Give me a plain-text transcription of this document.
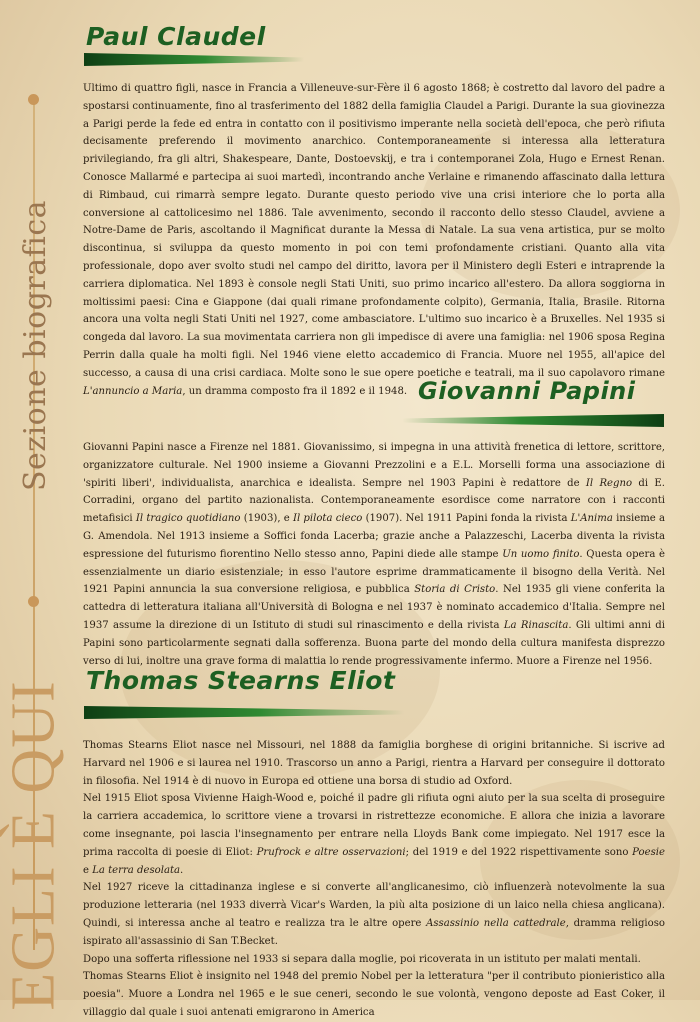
Sezione biografica
EGLI È QUI
Paul Claudel
Ultimo di quattro figli, nasce in Francia a Villeneuve-sur-Fère il 6 agosto 1868; è costretto dal lavoro del padre a spostarsi continuamente, fino al trasferimento del 1882 della famiglia Claudel a Parigi. Durante la sua giovinezza a Parigi perde la fede ed entra in contatto con il positivismo imperante nella società dell'epoca, che però rifiuta decisamente preferendo il movimento anarchico. Contemporaneamente si interessa alla letteratura privilegiando, fra gli altri, Shakespeare, Dante, Dostoevskij, e tra i contemporanei Zola, Hugo e Ernest Renan. Conosce Mallarmé e partecipa ai suoi martedì, incontrando anche Verlaine e rimanendo affascinato dalla lettura di Rimbaud, cui rimarrà sempre legato. Durante questo periodo vive una crisi interiore che lo porta alla conversione al cattolicesimo nel 1886. Tale avvenimento, secondo il racconto dello stesso Claudel, avviene a Notre-Dame de Paris, ascoltando il Magnificat durante la Messa di Natale. La sua vena artistica, pur se molto discontinua, si sviluppa da questo momento in poi con temi profondamente cristiani. Quanto alla vita professionale, dopo aver svolto studi nel campo del diritto, lavora per il Ministero degli Esteri e intraprende la carriera diplomatica. Nel 1893 è console negli Stati Uniti, suo primo incarico all'estero. Da allora soggiorna in moltissimi paesi: Cina e Giappone (dai quali rimane profondamente colpito), Germania, Italia, Brasile. Ritorna ancora una volta negli Stati Uniti nel 1927, come ambasciatore. L'ultimo suo incarico è a Bruxelles. Nel 1935 si congeda dal lavoro. La sua movimentata carriera non gli impedisce di avere una famiglia: nel 1906 sposa Regina Perrin dalla quale ha molti figli. Nel 1946 viene eletto accademico di Francia. Muore nel 1955, all'apice del successo, a causa di una crisi cardiaca. Molte sono le sue opere poetiche e teatrali, ma il suo capolavoro rimane L'annuncio a Maria, un dramma composto fra il 1892 e il 1948. Giovanni Papini
Giovanni Papini nasce a Firenze nel 1881. Giovanissimo, si impegna in una attività frenetica di lettore, scrittore, organizzatore culturale. Nel 1900 insieme a Giovanni Prezzolini e a E.L. Morselli forma una associazione di 'spiriti liberi', individualista, anarchica e idealista. Sempre nel 1903 Papini è redattore de Il Regno di E. Corradini, organo del partito nazionalista. Contemporaneamente esordisce come narratore con i racconti metafisici Il tragico quotidiano (1903), e Il pilota cieco (1907). Nel 1911 Papini fonda la rivista L'Anima insieme a G. Amendola. Nel 1913 insieme a Soffici fonda Lacerba; grazie anche a Palazzeschi, Lacerba diventa la rivista espressione del futurismo fiorentino Nello stesso anno, Papini diede alle stampe Un uomo finito. Questa opera è essenzialmente un diario esistenziale; in esso l'autore esprime drammaticamente il bisogno della Verità. Nel 1921 Papini annuncia la sua conversione religiosa, e pubblica Storia di Cristo. Nel 1935 gli viene conferita la cattedra di letteratura italiana all'Università di Bologna e nel 1937 è nominato accademico d'Italia. Sempre nel 1937 assume la direzione di un Istituto di studi sul rinascimento e della rivista La Rinascita. Gli ultimi anni di Papini sono particolarmente segnati dalla sofferenza. Buona parte del mondo della cultura manifesta disprezzo verso di lui, inoltre una grave forma di malattia lo rende progressivamente infermo. Muore a Firenze nel 1956.
Thomas Stearns Eliot
Thomas Stearns Eliot nasce nel Missouri, nel 1888 da famiglia borghese di origini britanniche. Si iscrive ad Harvard nel 1906 e si laurea nel 1910. Trascorso un anno a Parigi, rientra a Harvard per conseguire il dottorato in filosofia. Nel 1914 è di nuovo in Europa ed ottiene una borsa di studio ad Oxford.
Nel 1915 Eliot sposa Vivienne Haigh-Wood e, poiché il padre gli rifiuta ogni aiuto per la sua scelta di proseguire la carriera accademica, lo scrittore viene a trovarsi in ristrettezze economiche. E allora che inizia a lavorare come insegnante, poi lascia l'insegnamento per entrare nella Lloyds Bank come impiegato. Nel 1917 esce la prima raccolta di poesie di Eliot: Prufrock e altre osservazioni; del 1919 e del 1922 rispettivamente sono Poesie e La terra desolata.
Nel 1927 riceve la cittadinanza inglese e si converte all'anglicanesimo, ciò influenzerà notevolmente la sua produzione letteraria (nel 1933 diverrà Vicar's Warden, la più alta posizione di un laico nella chiesa anglicana). Quindi, si interessa anche al teatro e realizza tra le altre opere Assassinio nella cattedrale, dramma religioso ispirato all'assassinio di San T.Becket.
Dopo una sofferta riflessione nel 1933 si separa dalla moglie, poi ricoverata in un istituto per malati mentali.
Thomas Stearns Eliot è insignito nel 1948 del premio Nobel per la letteratura "per il contributo pionieristico alla poesia". Muore a Londra nel 1965 e le sue ceneri, secondo le sue volontà, vengono deposte ad East Coker, il villaggio dal quale i suoi antenati emigrarono in America
